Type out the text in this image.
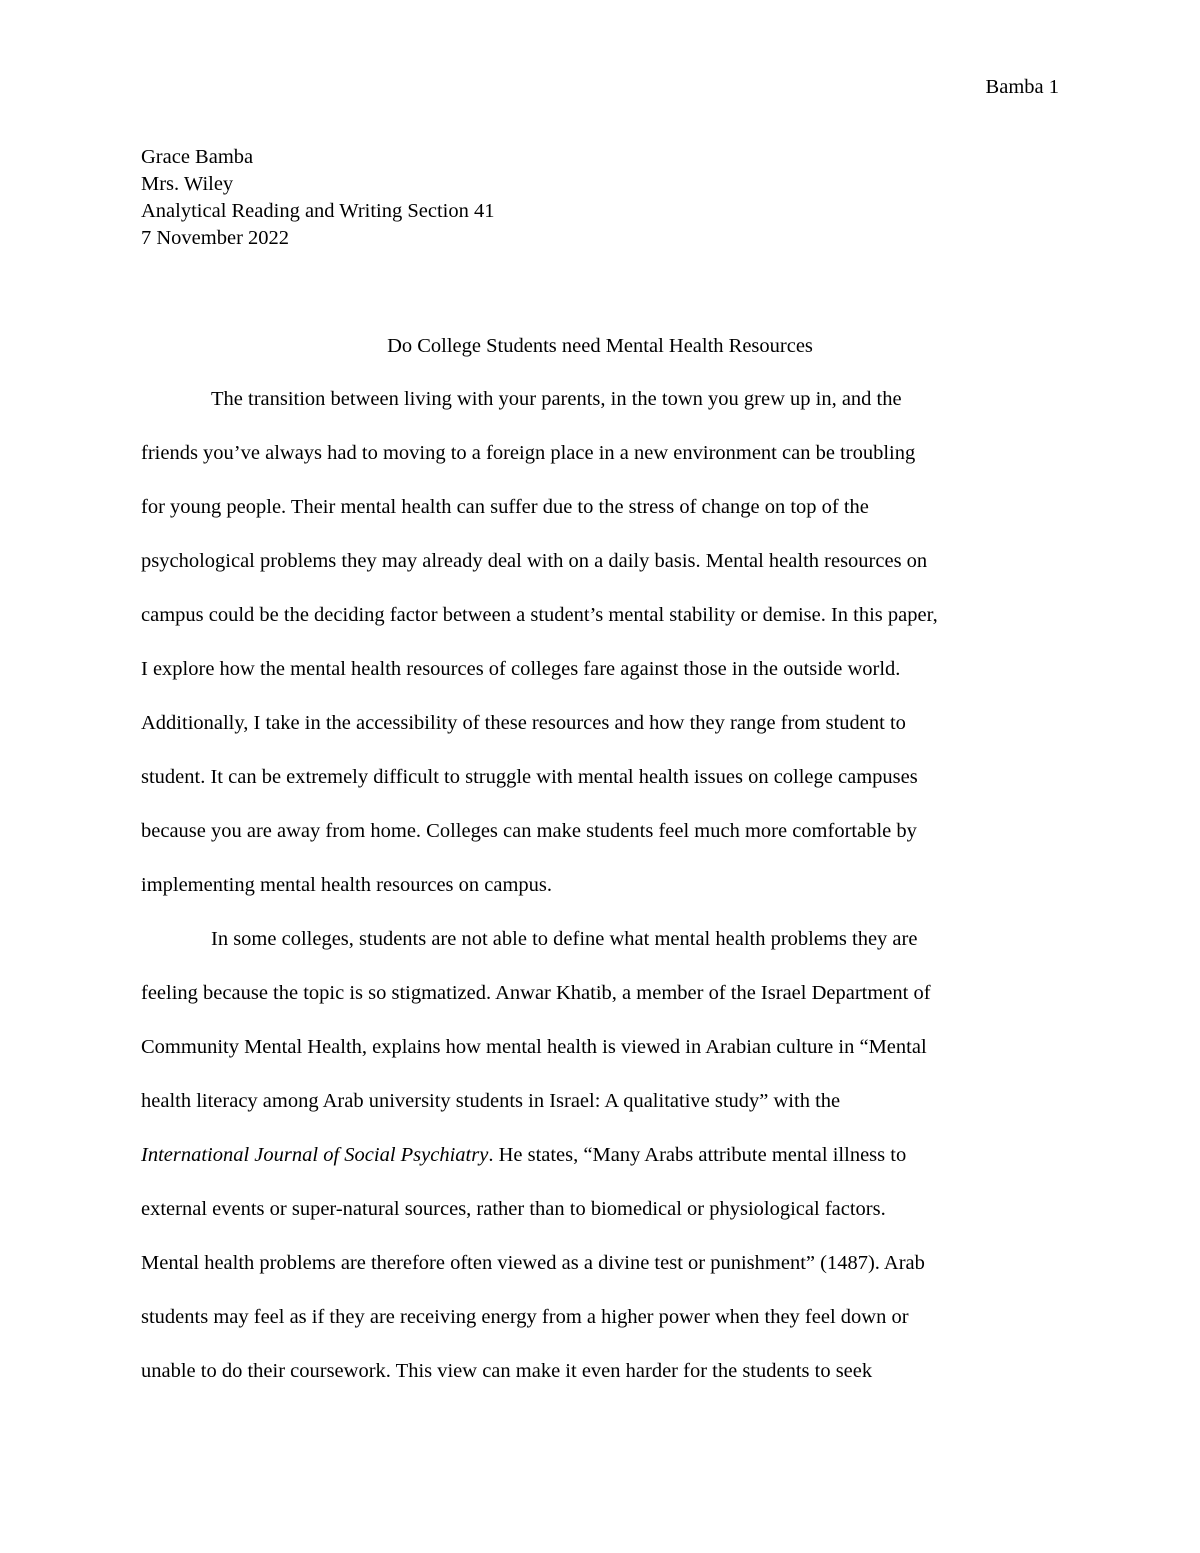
Bamba 1
Grace Bamba
Mrs. Wiley
Analytical Reading and Writing Section 41
7 November 2022
Do College Students need Mental Health Resources
The transition between living with your parents, in the town you grew up in, and the
friends you’ve always had to moving to a foreign place in a new environment can be troubling
for young people. Their mental health can suffer due to the stress of change on top of the
psychological problems they may already deal with on a daily basis. Mental health resources on
campus could be the deciding factor between a student’s mental stability or demise. In this paper,
I explore how the mental health resources of colleges fare against those in the outside world.
Additionally, I take in the accessibility of these resources and how they range from student to
student. It can be extremely difficult to struggle with mental health issues on college campuses
because you are away from home. Colleges can make students feel much more comfortable by
implementing mental health resources on campus.
In some colleges, students are not able to define what mental health problems they are
feeling because the topic is so stigmatized. Anwar Khatib, a member of the Israel Department of
Community Mental Health, explains how mental health is viewed in Arabian culture in “Mental
health literacy among Arab university students in Israel: A qualitative study” with the
International Journal of Social Psychiatry. He states, “Many Arabs attribute mental illness to
external events or super-natural sources, rather than to biomedical or physiological factors.
Mental health problems are therefore often viewed as a divine test or punishment” (1487). Arab
students may feel as if they are receiving energy from a higher power when they feel down or
unable to do their coursework. This view can make it even harder for the students to seek
